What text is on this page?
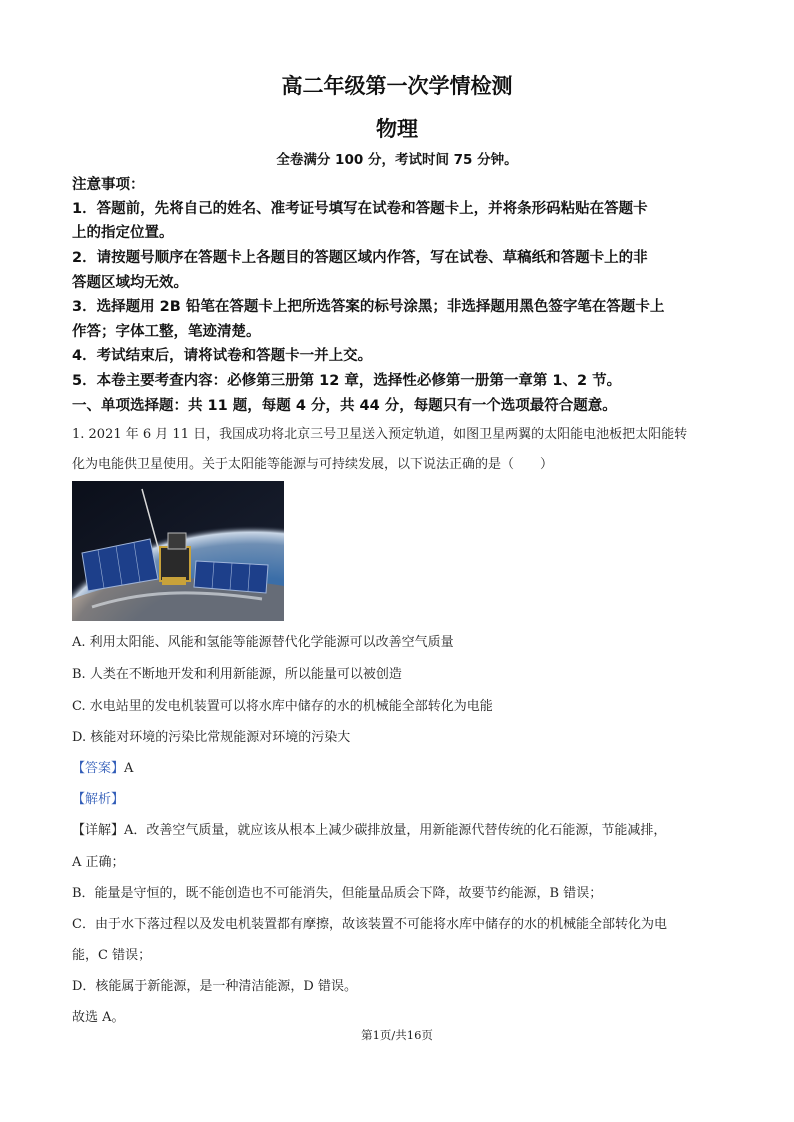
高二年级第一次学情检测
物理
全卷满分 100 分，考试时间 75 分钟。
注意事项：
1．答题前，先将自己的姓名、准考证号填写在试卷和答题卡上，并将条形码粘贴在答题卡
上的指定位置。
2．请按题号顺序在答题卡上各题目的答题区域内作答，写在试卷、草稿纸和答题卡上的非
答题区域均无效。
3．选择题用 2B 铅笔在答题卡上把所选答案的标号涂黑；非选择题用黑色签字笔在答题卡上
作答；字体工整，笔迹清楚。
4．考试结束后，请将试卷和答题卡一并上交。
5．本卷主要考查内容：必修第三册第 12 章，选择性必修第一册第一章第 1、2 节。
一、单项选择题：共 11 题，每题 4 分，共 44 分，每题只有一个选项最符合题意。
1. 2021 年 6 月 11 日，我国成功将北京三号卫星送入预定轨道，如图卫星两翼的太阳能电池板把太阳能转
化为电能供卫星使用。关于太阳能等能源与可持续发展，以下说法正确的是（　　）
A. 利用太阳能、风能和氢能等能源替代化学能源可以改善空气质量
B. 人类在不断地开发和利用新能源，所以能量可以被创造
C. 水电站里的发电机装置可以将水库中储存的水的机械能全部转化为电能
D. 核能对环境的污染比常规能源对环境的污染大
【答案】A
【解析】
【详解】A．改善空气质量，就应该从根本上减少碳排放量，用新能源代替传统的化石能源，节能减排，
A 正确；
B．能量是守恒的，既不能创造也不可能消失，但能量品质会下降，故要节约能源，B 错误；
C．由于水下落过程以及发电机装置都有摩擦，故该装置不可能将水库中储存的水的机械能全部转化为电
能，C 错误；
D．核能属于新能源，是一种清洁能源，D 错误。
故选 A。
第1页/共16页
